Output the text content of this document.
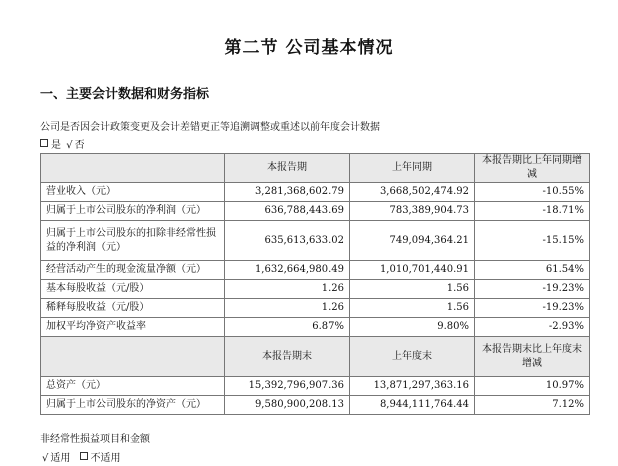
第二节 公司基本情况
一、主要会计数据和财务指标

公司是否因会计政策变更及会计差错更正等追溯调整或重述以前年度会计数据

是 √ 否

	本报告期	上年同期	本报告期比上年同期增减
营业收入（元）	3,281,368,602.79	3,668,502,474.92	-10.55%
归属于上市公司股东的净利润（元）	636,788,443.69	783,389,904.73	-18.71%
归属于上市公司股东的扣除非经常性损益的净利润（元）	635,613,633.02	749,094,364.21	-15.15%
经营活动产生的现金流量净额（元）	1,632,664,980.49	1,010,701,440.91	61.54%
基本每股收益（元/股）	1.26	1.56	-19.23%
稀释每股收益（元/股）	1.26	1.56	-19.23%
加权平均净资产收益率	6.87%	9.80%	-2.93%
	本报告期末	上年度末	本报告期末比上年度末增减
总资产（元）	15,392,796,907.36	13,871,297,363.16	10.97%
归属于上市公司股东的净资产（元）	9,580,900,208.13	8,944,111,764.44	7.12%

非经常性损益项目和金额

√ 适用 不适用
